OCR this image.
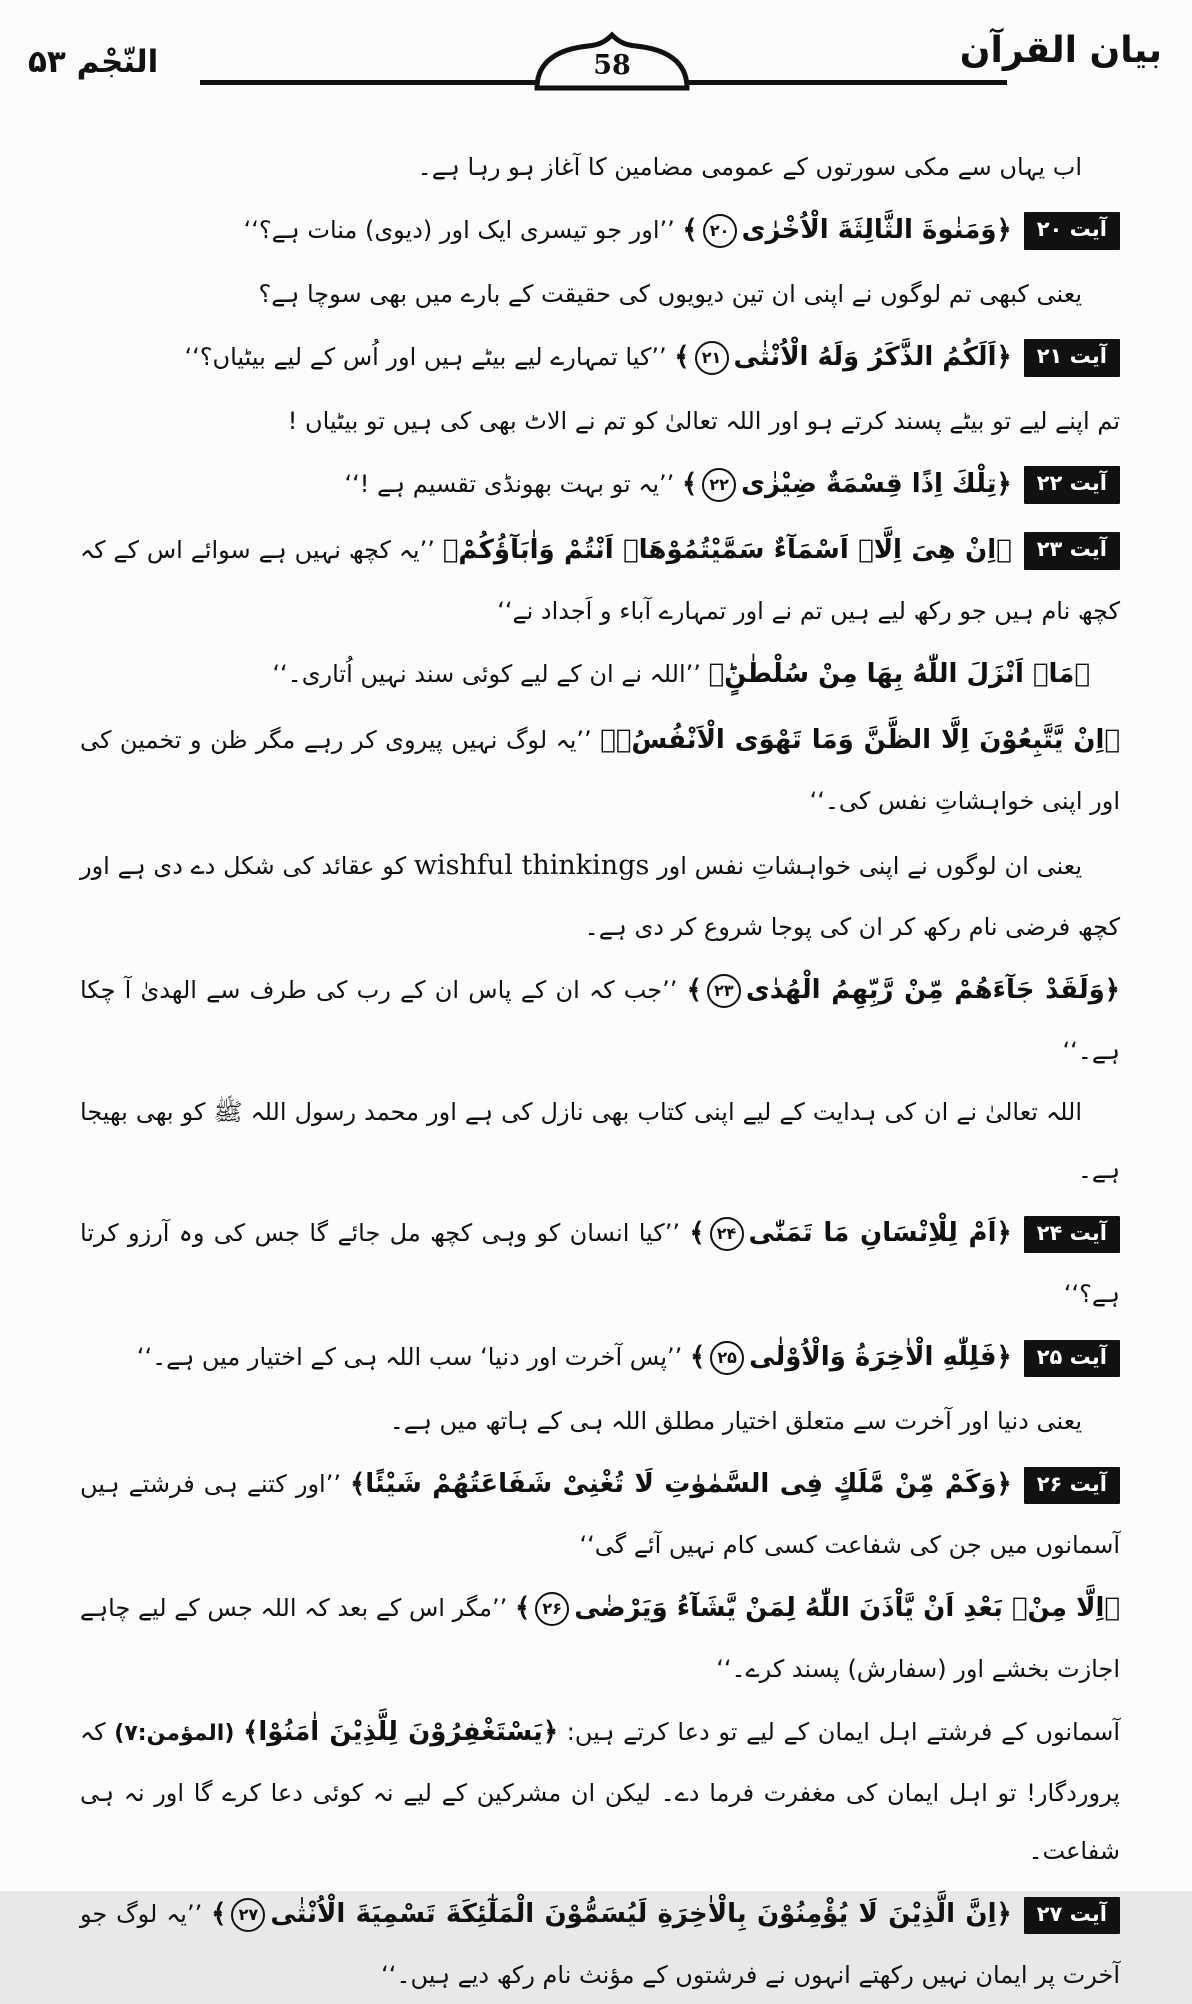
بيان القرآن
58
النّجْم ۵۳

اب یہاں سے مکی سورتوں کے عمومی مضامین کا آغاز ہو رہا ہے۔

آیت ۲۰﴿وَمَنٰوةَ الثَّالِثَةَ الْاُخْرٰی۲۰﴾ ’’اور جو تیسری ایک اور (دیوی) منات ہے؟‘‘

یعنی کبھی تم لوگوں نے اپنی ان تین دیویوں کی حقیقت کے بارے میں بھی سوچا ہے؟

آیت ۲۱﴿اَلَكُمُ الذَّكَرُ وَلَهُ الْاُنْثٰی۲۱﴾ ’’کیا تمہارے لیے بیٹے ہیں اور اُس کے لیے بیٹیاں؟‘‘

تم اپنے لیے تو بیٹے پسند کرتے ہو اور اللہ تعالیٰ کو تم نے الاٹ بھی کی ہیں تو بیٹیاں !

آیت ۲۲﴿تِلْكَ اِذًا قِسْمَةٌ ضِيْزٰی۲۲﴾ ’’یہ تو بہت بھونڈی تقسیم ہے !‘‘

آیت ۲۳﴿اِنْ هِیَ اِلَّاۤ اَسْمَآءٌ سَمَّيْتُمُوْهَاۤ اَنْتُمْ وَاٰبَآؤُكُمْ﴾ ’’یہ کچھ نہیں ہے سوائے اس کے کہ کچھ نام ہیں جو رکھ لیے ہیں تم نے اور تمہارے آباء و اَجداد نے‘‘

﴿مَاۤ اَنْزَلَ اللّٰهُ بِهَا مِنْ سُلْطٰنٍؕ﴾ ’’اللہ نے ان کے لیے کوئی سند نہیں اُتاری۔‘‘

﴿اِنْ يَّتَّبِعُوْنَ اِلَّا الظَّنَّ وَمَا تَهْوَی الْاَنْفُسُۚ﴾ ’’یہ لوگ نہیں پیروی کر رہے مگر ظن و تخمین کی اور اپنی خواہشاتِ نفس کی۔‘‘

یعنی ان لوگوں نے اپنی خواہشاتِ نفس اور wishful thinkings کو عقائد کی شکل دے دی ہے اور کچھ فرضی نام رکھ کر ان کی پوجا شروع کر دی ہے۔

﴿وَلَقَدْ جَآءَهُمْ مِّنْ رَّبِّهِمُ الْهُدٰی۲۳﴾ ’’جب کہ ان کے پاس ان کے رب کی طرف سے الھدیٰ آ چکا ہے۔‘‘

اللہ تعالیٰ نے ان کی ہدایت کے لیے اپنی کتاب بھی نازل کی ہے اور محمد رسول اللہ ﷺ کو بھی بھیجا ہے۔

آیت ۲۴﴿اَمْ لِلْاِنْسَانِ مَا تَمَنّٰی۲۴﴾ ’’کیا انسان کو وہی کچھ مل جائے گا جس کی وہ آرزو کرتا ہے؟‘‘

آیت ۲۵﴿فَلِلّٰهِ الْاٰخِرَةُ وَالْاُوْلٰی۲۵﴾ ’’پس آخرت اور دنیا‘ سب اللہ ہی کے اختیار میں ہے۔‘‘

یعنی دنیا اور آخرت سے متعلق اختیار مطلق اللہ ہی کے ہاتھ میں ہے۔

آیت ۲۶﴿وَكَمْ مِّنْ مَّلَكٍ فِی السَّمٰوٰتِ لَا تُغْنِیْ شَفَاعَتُهُمْ شَيْئًا﴾ ’’اور کتنے ہی فرشتے ہیں آسمانوں میں جن کی شفاعت کسی کام نہیں آئے گی‘‘

﴿اِلَّا مِنْۢ بَعْدِ اَنْ يَّاْذَنَ اللّٰهُ لِمَنْ يَّشَآءُ وَيَرْضٰی۲۶﴾ ’’مگر اس کے بعد کہ اللہ جس کے لیے چاہے اجازت بخشے اور (سفارش) پسند کرے۔‘‘

آسمانوں کے فرشتے اہل ایمان کے لیے تو دعا کرتے ہیں: ﴿يَسْتَغْفِرُوْنَ لِلَّذِيْنَ اٰمَنُوْا﴾ (المؤمن:۷) کہ پروردگار! تو اہل ایمان کی مغفرت فرما دے۔ لیکن ان مشرکین کے لیے نہ کوئی دعا کرے گا اور نہ ہی شفاعت۔

آیت ۲۷﴿اِنَّ الَّذِيْنَ لَا يُؤْمِنُوْنَ بِالْاٰخِرَةِ لَيُسَمُّوْنَ الْمَلٰٓئِكَةَ تَسْمِيَةَ الْاُنْثٰی۲۷﴾ ’’یہ لوگ جو آخرت پر ایمان نہیں رکھتے انہوں نے فرشتوں کے مؤنث نام رکھ دیے ہیں۔‘‘
